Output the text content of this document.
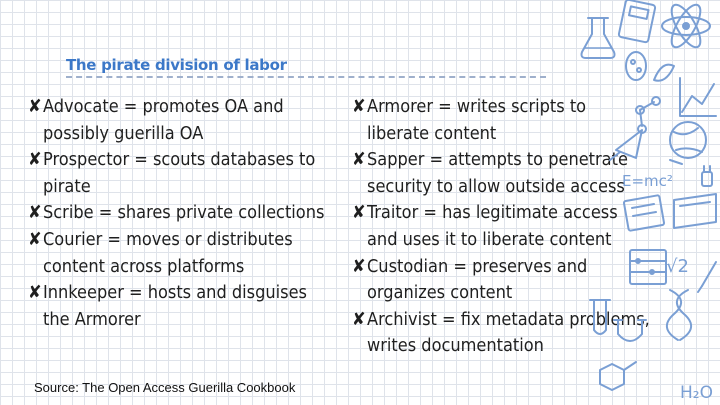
The pirate division of labor
✘Advocate = promotes OA and possibly guerilla OA
✘Prospector = scouts databases to pirate
✘Scribe = shares private collections
✘Courier = moves or distributes content across platforms
✘Innkeeper = hosts and disguises the Armorer
✘Armorer = writes scripts to liberate content
✘Sapper = attempts to penetrate security to allow outside access
✘Traitor = has legitimate access and uses it to liberate content
✘Custodian = preserves and organizes content
✘Archivist = fix metadata problems, writes documentation
Source: The Open Access Guerilla Cookbook
E=mc²
√2
H₂O
